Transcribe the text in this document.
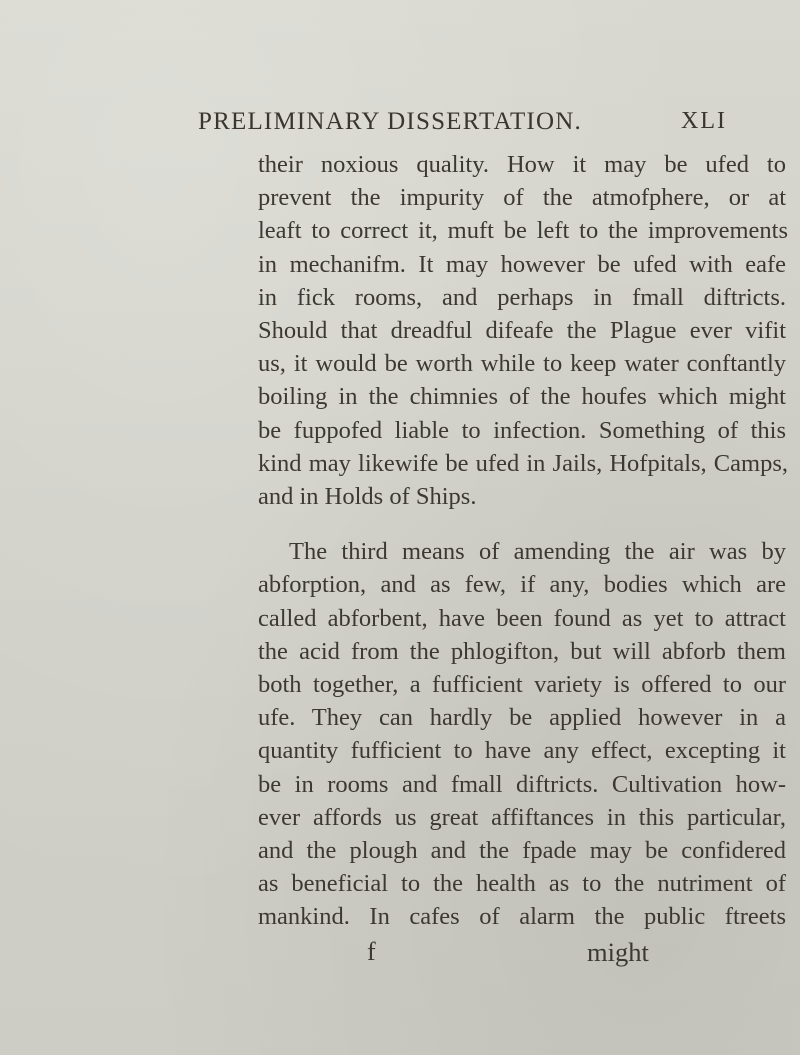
PRELIMINARY DISSERTATION.	XLI
their noxious quality. How it may be ufed to
prevent the impurity of the atmofphere, or at
leaft to correct it, muft be left to the improvements
in mechanifm. It may however be ufed with eafe
in fick rooms, and perhaps in fmall diftricts.
Should that dreadful difeafe the Plague ever vifit
us, it would be worth while to keep water conftantly
boiling in the chimnies of the houfes which might
be fuppofed liable to infection. Something of this
kind may likewife be ufed in Jails, Hofpitals, Camps,
and in Holds of Ships.
The third means of amending the air was by
abforption, and as few, if any, bodies which are
called abforbent, have been found as yet to attract
the acid from the phlogifton, but will abforb them
both together, a fufficient variety is offered to our
ufe. They can hardly be applied however in a
quantity fufficient to have any effect, excepting it
be in rooms and fmall diftricts. Cultivation how-
ever affords us great affiftances in this particular,
and the plough and the fpade may be confidered
as beneficial to the health as to the nutriment of
mankind. In cafes of alarm the public ftreets
f	might
